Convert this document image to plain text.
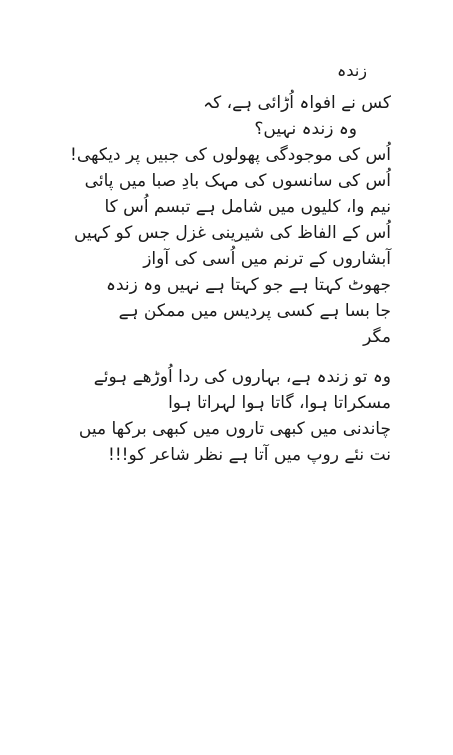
زندہ

کس نے افواہ اُڑائی ہے، کہ

وہ زندہ نہیں؟

اُس کی موجودگی پھولوں کی جبیں پر دیکھی!

اُس کی سانسوں کی مہک بادِ صبا میں پائی

نیم وا، کلیوں میں شامل ہے تبسم اُس کا

اُس کے الفاظ کی شیرینی غزل جس کو کہیں

آبشاروں کے ترنم میں اُسی کی آواز

جھوٹ کہتا ہے جو کہتا ہے نہیں وہ زندہ

جا بسا ہے کسی پردیس میں ممکن ہے

مگر

وہ تو زندہ ہے، بہاروں کی ردا اُوڑھے ہوئے

مسکراتا ہوا، گاتا ہوا لہراتا ہوا

چاندنی میں کبھی تاروں میں کبھی برکھا میں

نت نئے روپ میں آتا ہے نظر شاعر کو!!!
